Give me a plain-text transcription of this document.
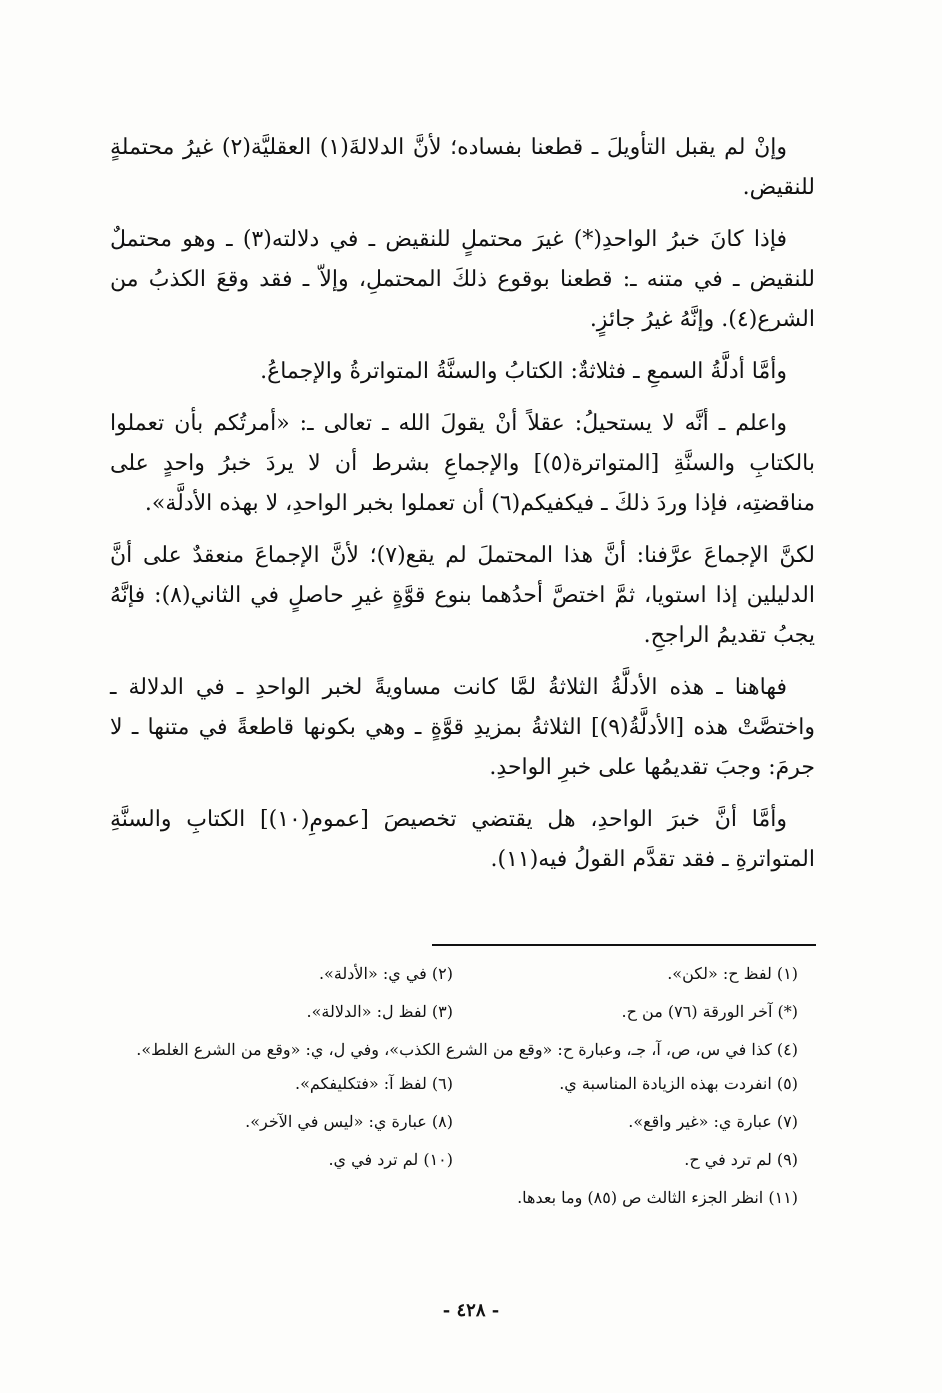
وإنْ لم يقبل التأويلَ ـ قطعنا بفساده؛ لأنَّ الدلالةَ(١) العقليَّة(٢) غيرُ محتملةٍ للنقيض.

فإذا كانَ خبرُ الواحدِ(*) غيرَ محتملٍ للنقيض ـ في دلالته(٣) ـ وهو محتملٌ للنقيض ـ في متنه ـ: قطعنا بوقوع ذلكَ المحتملِ، وإلاّ ـ فقد وقعَ الكذبُ من الشرع(٤). وإنَّهُ غيرُ جائزٍ.

وأمَّا أدلَّةُ السمعِ ـ فثلاثةٌ: الكتابُ والسنَّةُ المتواترةُ والإجماعُ.

واعلم ـ أنَّه لا يستحيلُ: عقلاً أنْ يقولَ الله ـ تعالى ـ: «أمرتُكم بأن تعملوا بالكتابِ والسنَّةِ [المتواترة(٥)] والإجماعِ بشرط أن لا يردَ خبرُ واحدٍ على مناقضتِه، فإذا وردَ ذلكَ ـ فيكفيكم(٦) أن تعملوا بخبر الواحدِ، لا بهذه الأدلَّة».

لكنَّ الإجماعَ عرَّفنا: أنَّ هذا المحتملَ لم يقع(٧)؛ لأنَّ الإجماعَ منعقدٌ على أنَّ الدليلين إذا استويا، ثمَّ اختصَّ أحدُهما بنوع قوَّةٍ غيرِ حاصلٍ في الثاني(٨): فإنَّهُ يجبُ تقديمُ الراجحِ.

فهاهنا ـ هذه الأدلَّةُ الثلاثةُ لمَّا كانت مساويةً لخبر الواحدِ ـ في الدلالة ـ واختصَّتْ هذه [الأدلَّةُ(٩)] الثلاثةُ بمزيدِ قوَّةٍ ـ وهي بكونها قاطعةً في متنها ـ لا جرمَ: وجبَ تقديمُها على خبرِ الواحدِ.

وأمَّا أنَّ خبرَ الواحدِ، هل يقتضي تخصيصَ [عمومِ(١٠)] الكتابِ والسنَّةِ المتواترةِ ـ فقد تقدَّم القولُ فيه(١١).

(١) لفظ ح: «لكن».
(٢) في ي: «الأدلة».
(*) آخر الورقة (٧٦) من ح.
(٣) لفظ ل: «الدلالة».
(٤) كذا في س، ص، آ، جـ، وعبارة ح: «وقع من الشرع الكذب»، وفي ل، ي: «وقع من الشرع الغلط».
(٥) انفردت بهذه الزيادة المناسبة ي.
(٦) لفظ آ: «فتكليفكم».
(٧) عبارة ي: «غير واقع».
(٨) عبارة ي: «ليس في الآخر».
(٩) لم ترد في ح.
(١٠) لم ترد في ي.
(١١) انظر الجزء الثالث ص (٨٥) وما بعدها.
- ٤٢٨ -
